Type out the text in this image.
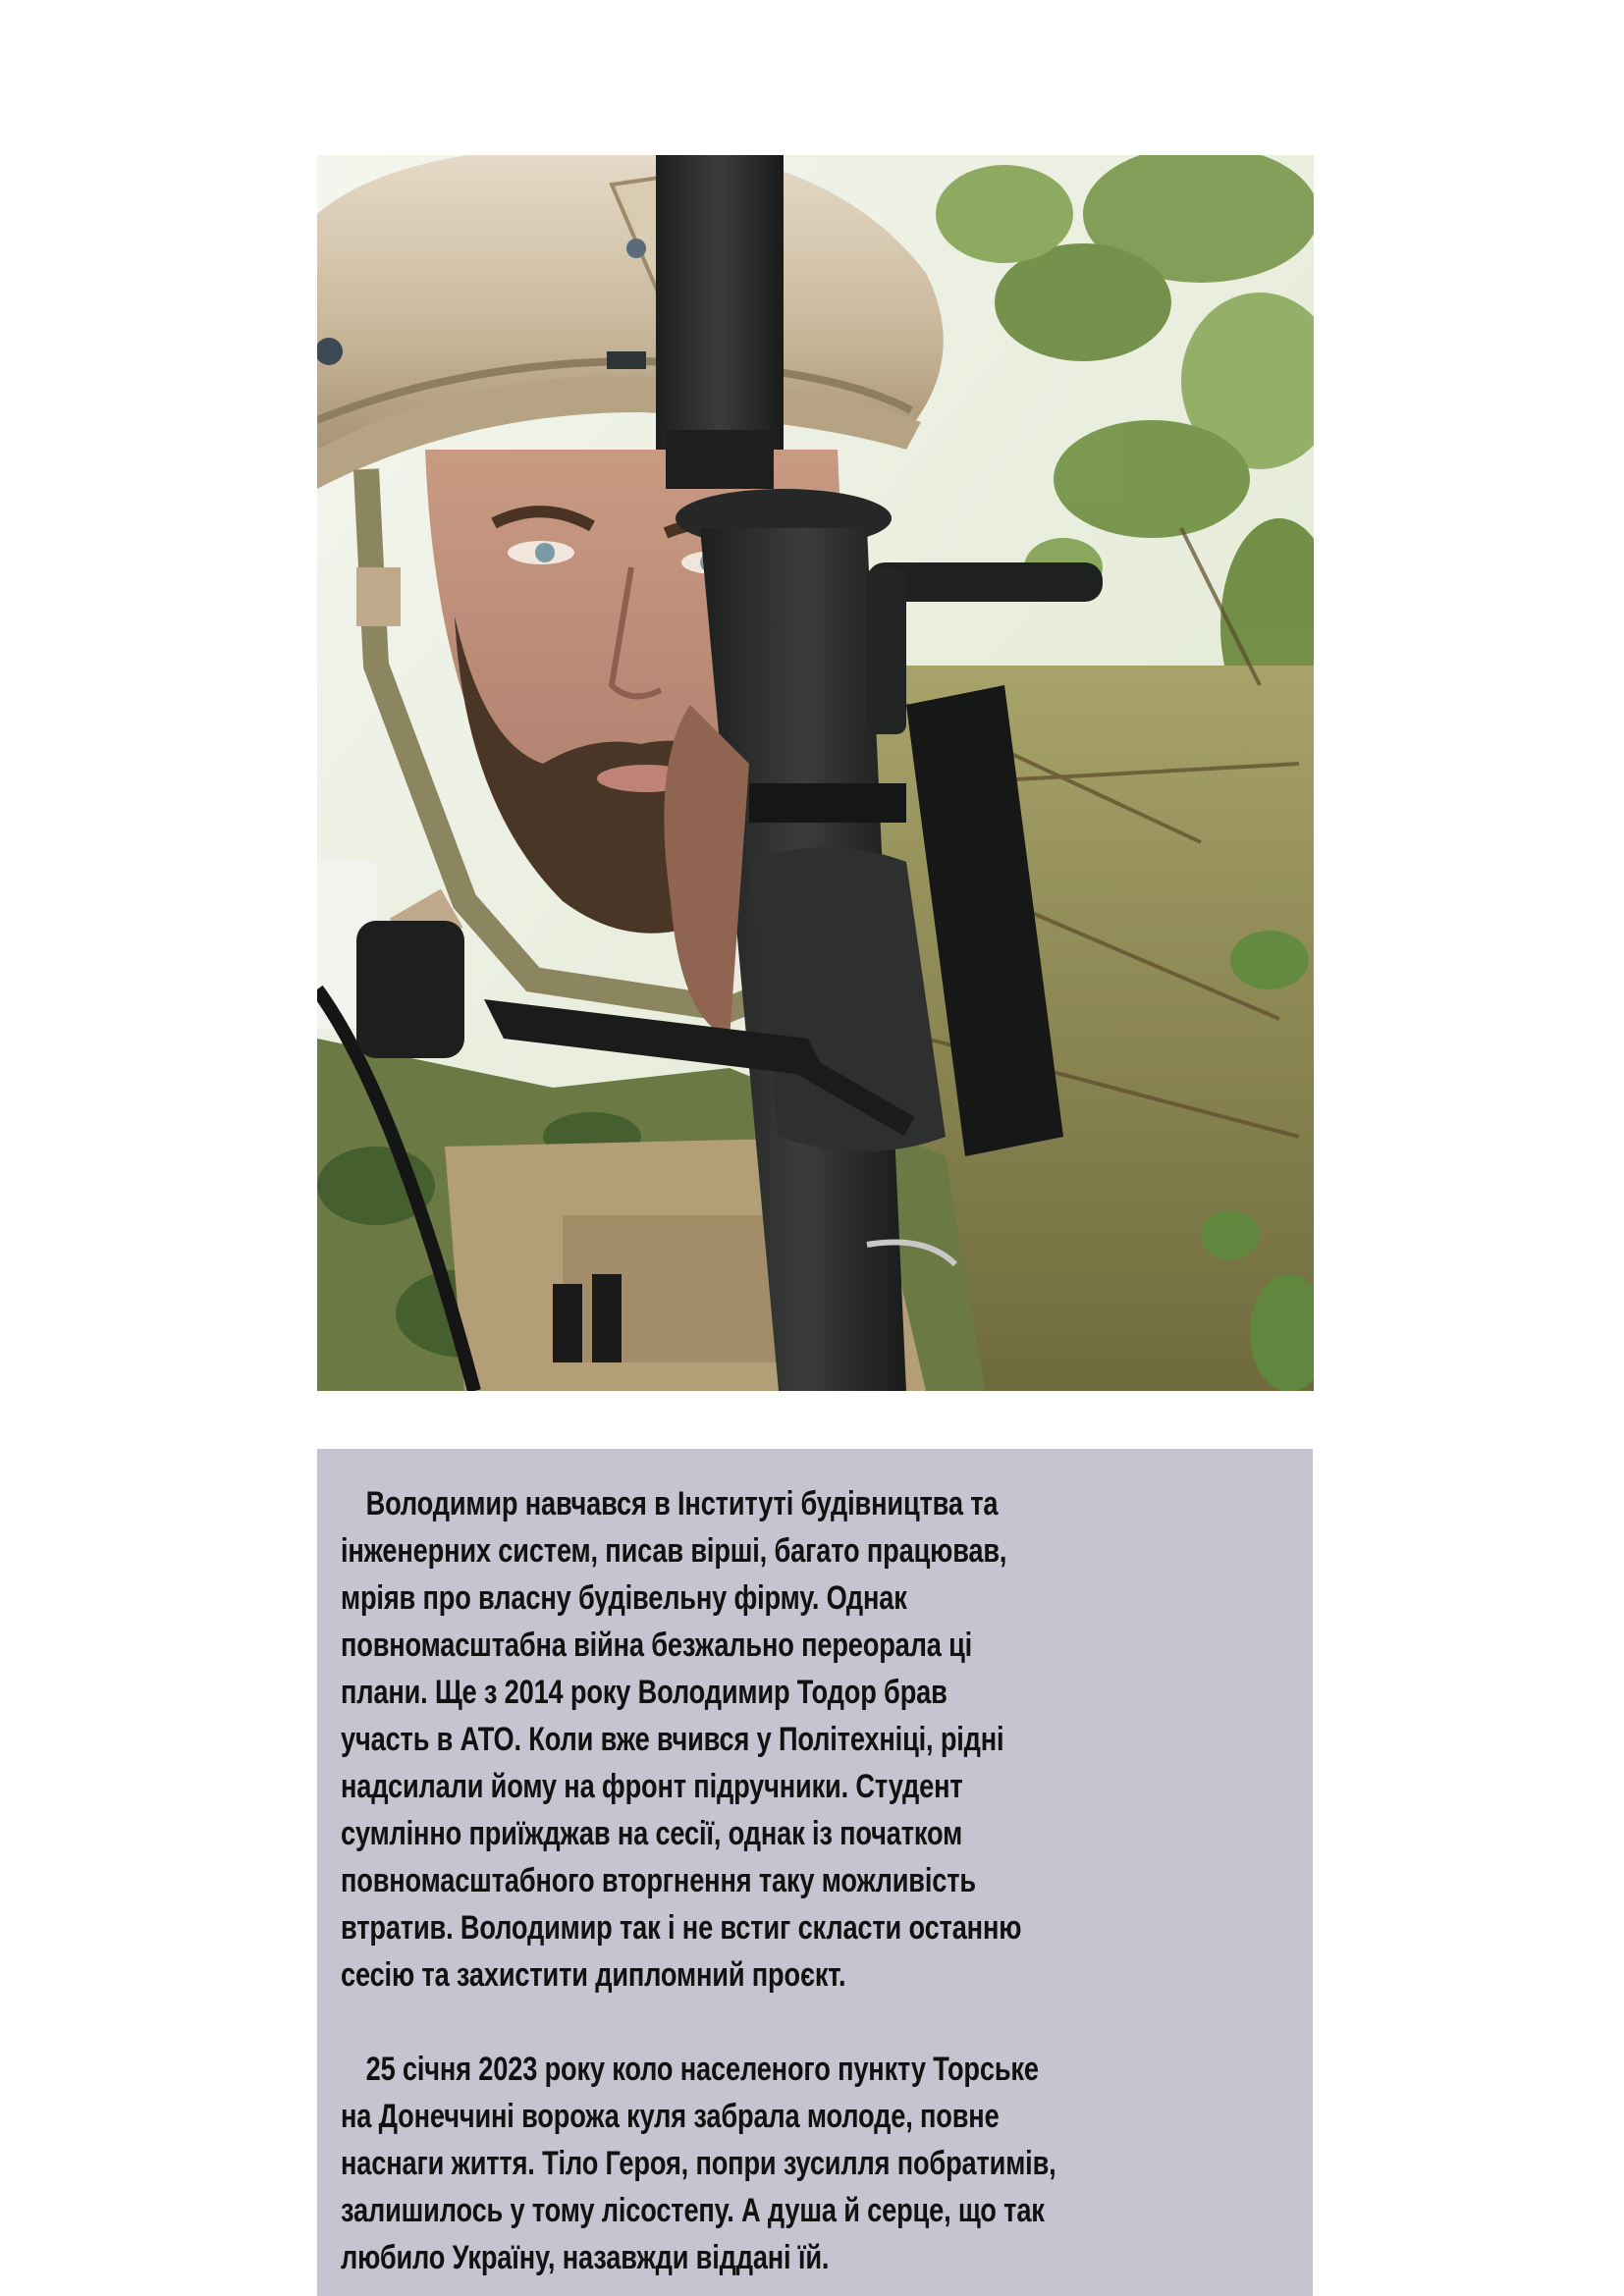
Володимир навчався в Інституті будівництва та
інженерних систем, писав вірші, багато працював,
мріяв про власну будівельну фірму. Однак
повномасштабна війна безжально переорала ці
плани. Ще з 2014 року Володимир Тодор брав
участь в АТО. Коли вже вчився у Політехніці, рідні
надсилали йому на фронт підручники. Студент
сумлінно приїжджав на сесії, однак із початком
повномасштабного вторгнення таку можливість
втратив. Володимир так і не встиг скласти останню
сесію та захистити дипломний проєкт.
25 січня 2023 року коло населеного пункту Торське
на Донеччині ворожа куля забрала молоде, повне
наснаги життя. Тіло Героя, попри зусилля побратимів,
залишилось у тому лісостепу. А душа й серце, що так
любило Україну, назавжди віддані їй.
